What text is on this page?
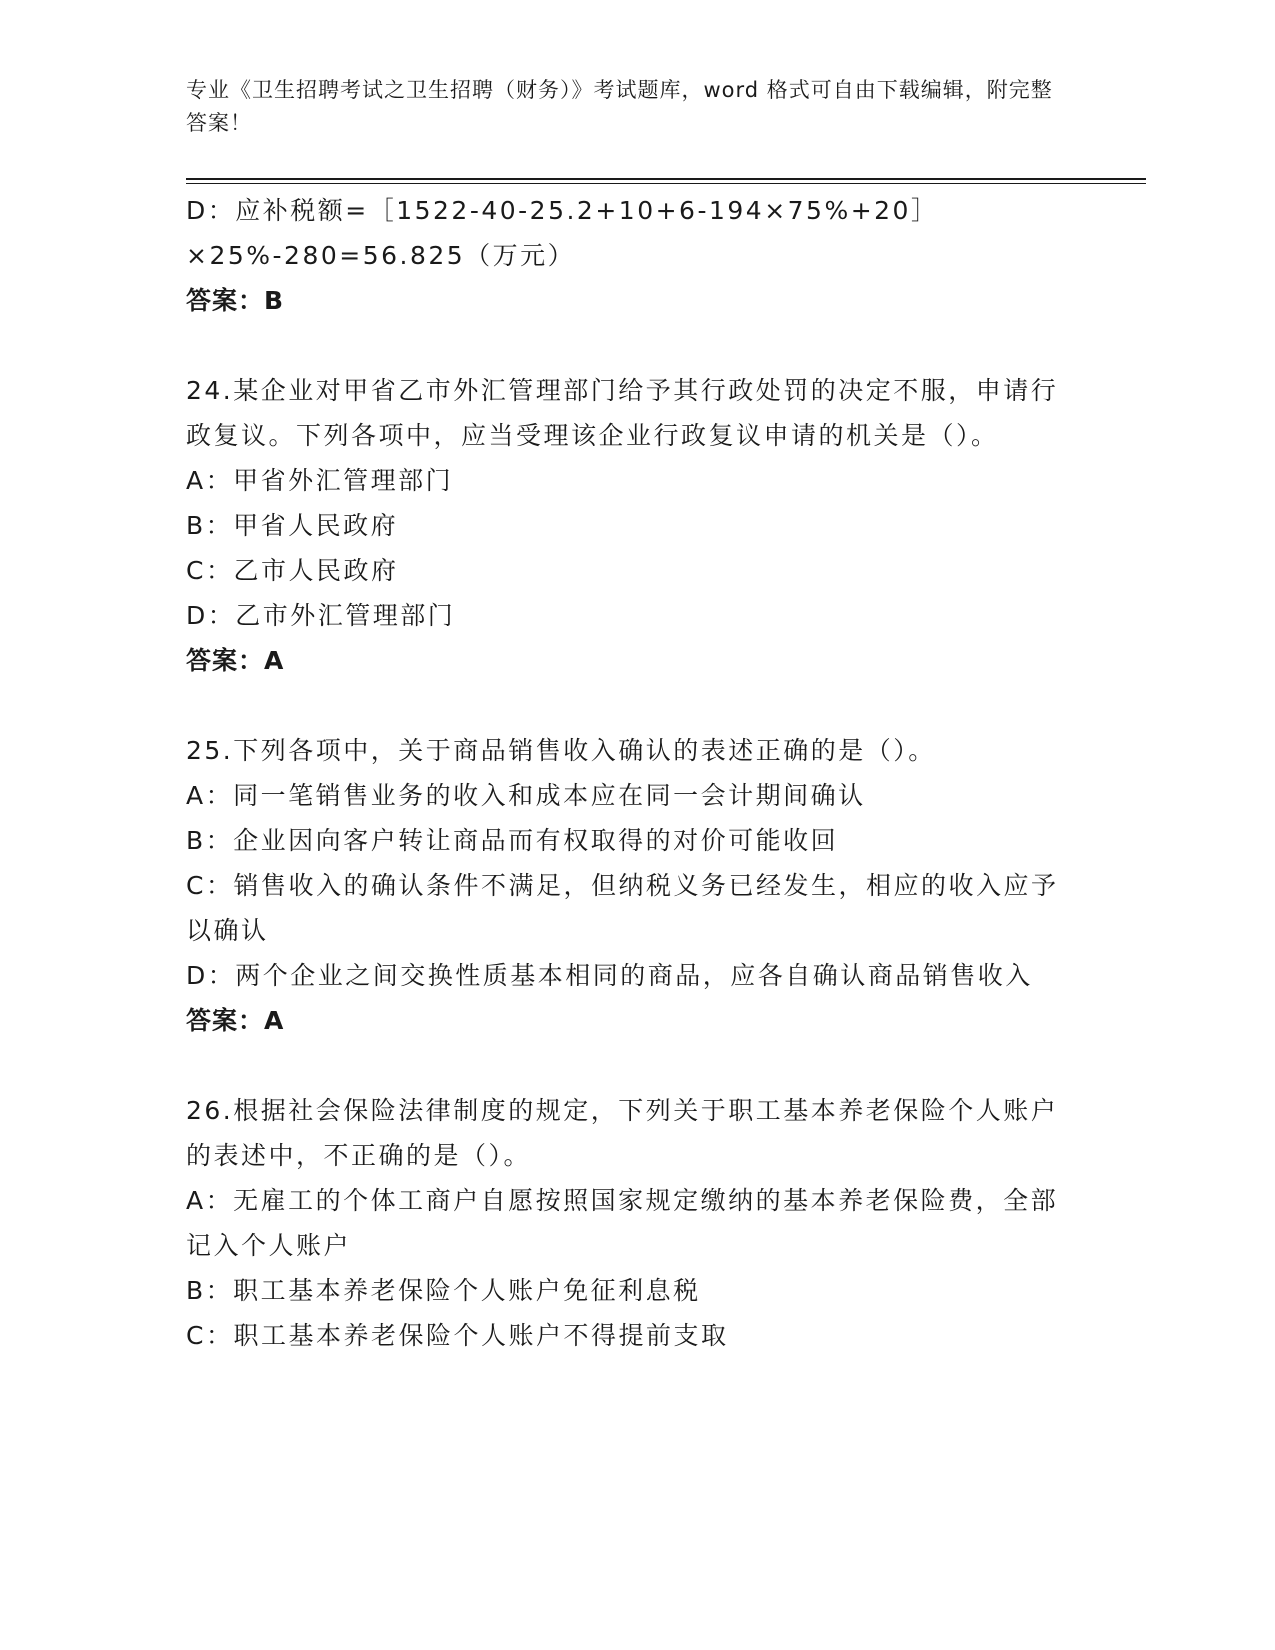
专业《卫生招聘考试之卫生招聘（财务）》考试题库，word 格式可自由下载编辑，附完整答案！

D：应补税额=［1522-40-25.2+10+6-194×75%+20］×25%-280=56.825（万元）

答案：B

24.某企业对甲省乙市外汇管理部门给予其行政处罚的决定不服，申请行政复议。下列各项中，应当受理该企业行政复议申请的机关是（）。

A：甲省外汇管理部门

B：甲省人民政府

C：乙市人民政府

D：乙市外汇管理部门

答案：A

25.下列各项中，关于商品销售收入确认的表述正确的是（）。

A：同一笔销售业务的收入和成本应在同一会计期间确认

B：企业因向客户转让商品而有权取得的对价可能收回

C：销售收入的确认条件不满足，但纳税义务已经发生，相应的收入应予以确认

D：两个企业之间交换性质基本相同的商品，应各自确认商品销售收入

答案：A

26.根据社会保险法律制度的规定，下列关于职工基本养老保险个人账户的表述中，不正确的是（）。

A：无雇工的个体工商户自愿按照国家规定缴纳的基本养老保险费，全部记入个人账户

B：职工基本养老保险个人账户免征利息税

C：职工基本养老保险个人账户不得提前支取
